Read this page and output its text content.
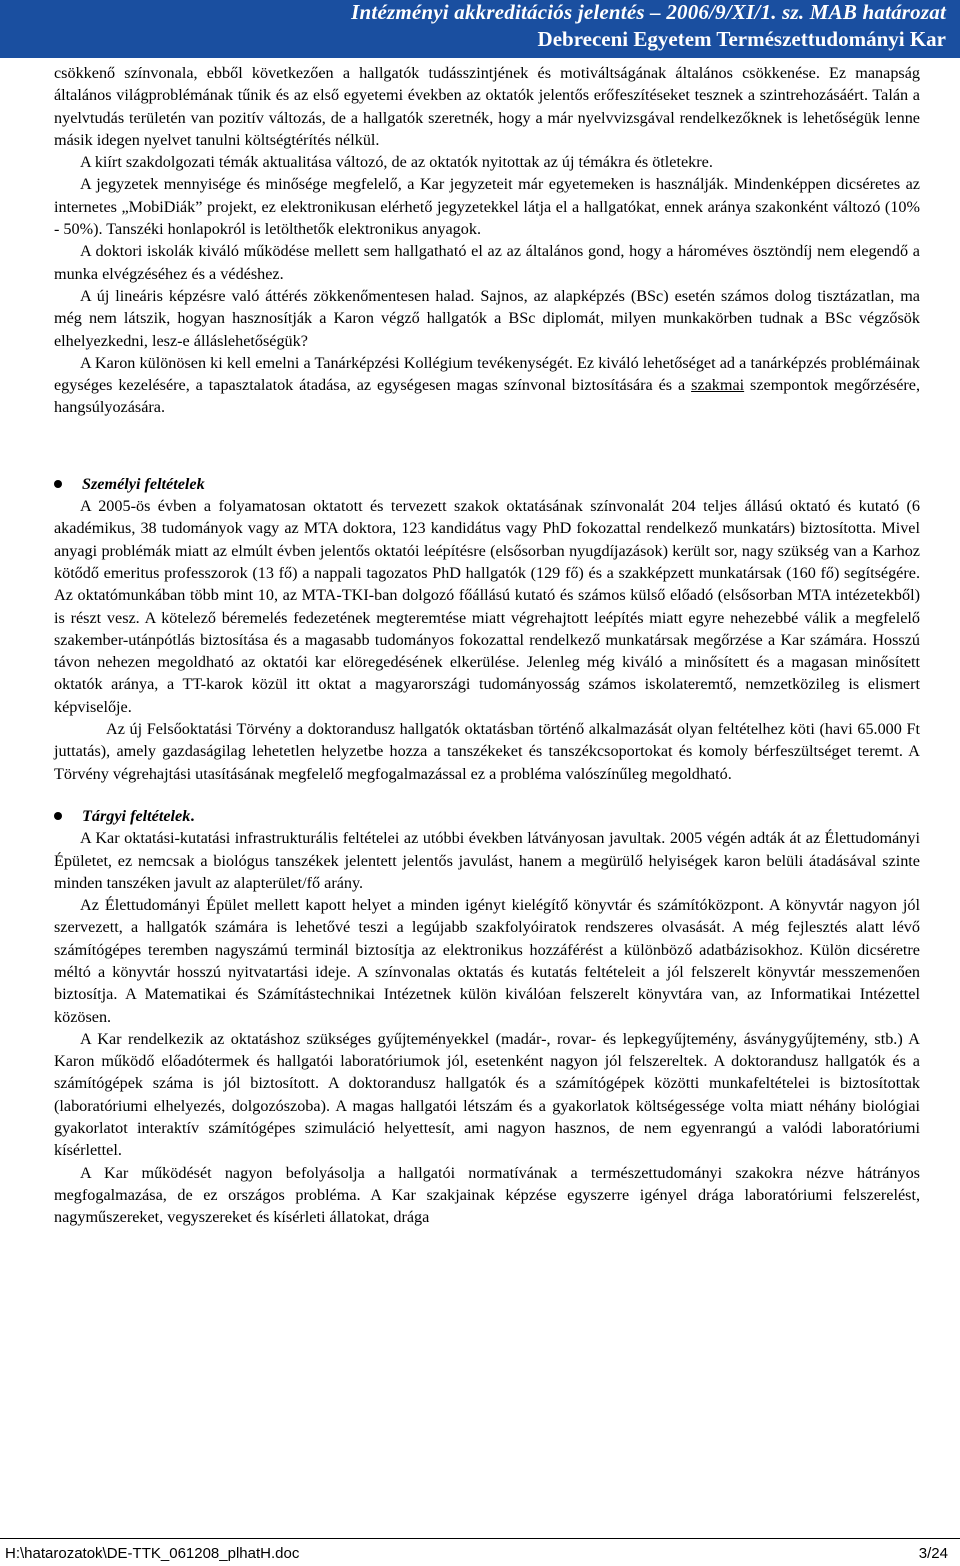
Intézményi akkreditációs jelentés – 2006/9/XI/1. sz. MAB határozat
Debreceni Egyetem Természettudományi Kar

csökkenő színvonala, ebből következően a hallgatók tudásszintjének és motiváltságának általános csökkenése. Ez manapság általános világproblémának tűnik és az első egyetemi években az oktatók jelentős erőfeszítéseket tesznek a szintrehozásáért. Talán a nyelvtudás területén van pozitív változás, de a hallgatók szeretnék, hogy a már nyelvvizsgával rendelkezőknek is lehetőségük lenne másik idegen nyelvet tanulni költségtérítés nélkül.

A kiírt szakdolgozati témák aktualitása változó, de az oktatók nyitottak az új témákra és ötletekre.

A jegyzetek mennyisége és minősége megfelelő, a Kar jegyzeteit már egyetemeken is használják. Mindenképpen dicséretes az internetes „MobiDiák” projekt, ez elektronikusan elérhető jegyzetekkel látja el a hallgatókat, ennek aránya szakonként változó (10% - 50%). Tanszéki honlapokról is letölthetők elektronikus anyagok.

A doktori iskolák kiváló működése mellett sem hallgatható el az az általános gond, hogy a hároméves ösztöndíj nem elegendő a munka elvégzéséhez és a védéshez.

A új lineáris képzésre való áttérés zökkenőmentesen halad. Sajnos, az alapképzés (BSc) esetén számos dolog tisztázatlan, ma még nem látszik, hogyan hasznosítják a Karon végző hallgatók a BSc diplomát, milyen munkakörben tudnak a BSc végzősök elhelyezkedni, lesz-e álláslehetőségük?

A Karon különösen ki kell emelni a Tanárképzési Kollégium tevékenységét. Ez kiváló lehetőséget ad a tanárképzés problémáinak egységes kezelésére, a tapasztalatok átadása, az egységesen magas színvonal biztosítására és a szakmai szempontok megőrzésére, hangsúlyozására.

Személyi feltételek

A 2005-ös évben a folyamatosan oktatott és tervezett szakok oktatásának színvonalát 204 teljes állású oktató és kutató (6 akadémikus, 38 tudományok vagy az MTA doktora, 123 kandidátus vagy PhD fokozattal rendelkező munkatárs) biztosította. Mivel anyagi problémák miatt az elmúlt évben jelentős oktatói leépítésre (elsősorban nyugdíjazások) került sor, nagy szükség van a Karhoz kötődő emeritus professzorok (13 fő) a nappali tagozatos PhD hallgatók (129 fő) és a szakképzett munkatársak (160 fő) segítségére. Az oktatómunkában több mint 10, az MTA-TKI-ban dolgozó főállású kutató és számos külső előadó (elsősorban MTA intézetekből) is részt vesz. A kötelező béremelés fedezetének megteremtése miatt végrehajtott leépítés miatt egyre nehezebbé válik a megfelelő szakember-utánpótlás biztosítása és a magasabb tudományos fokozattal rendelkező munkatársak megőrzése a Kar számára. Hosszú távon nehezen megoldható az oktatói kar elöregedésének elkerülése. Jelenleg még kiváló a minősített és a magasan minősített oktatók aránya, a TT-karok közül itt oktat a magyarországi tudományosság számos iskolateremtő, nemzetközileg is elismert képviselője.

Az új Felsőoktatási Törvény a doktorandusz hallgatók oktatásban történő alkalmazását olyan feltételhez köti (havi 65.000 Ft juttatás), amely gazdaságilag lehetetlen helyzetbe hozza a tanszékeket és tanszékcsoportokat és komoly bérfeszültséget teremt. A Törvény végrehajtási utasításának megfelelő megfogalmazással ez a probléma valószínűleg megoldható.

Tárgyi feltételek.

A Kar oktatási-kutatási infrastrukturális feltételei az utóbbi években látványosan javultak. 2005 végén adták át az Élettudományi Épületet, ez nemcsak a biológus tanszékek jelentett jelentős javulást, hanem a megürülő helyiségek karon belüli átadásával szinte minden tanszéken javult az alapterület/fő arány.

Az Élettudományi Épület mellett kapott helyet a minden igényt kielégítő könyvtár és számítóközpont. A könyvtár nagyon jól szervezett, a hallgatók számára is lehetővé teszi a legújabb szakfolyóiratok rendszeres olvasását. A még fejlesztés alatt lévő számítógépes teremben nagyszámú terminál biztosítja az elektronikus hozzáférést a különböző adatbázisokhoz. Külön dicséretre méltó a könyvtár hosszú nyitvatartási ideje. A színvonalas oktatás és kutatás feltételeit a jól felszerelt könyvtár messzemenően biztosítja. A Matematikai és Számítástechnikai Intézetnek külön kiválóan felszerelt könyvtára van, az Informatikai Intézettel közösen.

A Kar rendelkezik az oktatáshoz szükséges gyűjteményekkel (madár-, rovar- és lepkegyűjtemény, ásványgyűjtemény, stb.) A Karon működő előadótermek és hallgatói laboratóriumok jól, esetenként nagyon jól felszereltek. A doktorandusz hallgatók és a számítógépek száma is jól biztosított. A doktorandusz hallgatók és a számítógépek közötti munkafeltételei is biztosítottak (laboratóriumi elhelyezés, dolgozószoba). A magas hallgatói létszám és a gyakorlatok költségessége volta miatt néhány biológiai gyakorlatot interaktív számítógépes szimuláció helyettesít, ami nagyon hasznos, de nem egyenrangú a valódi laboratóriumi kísérlettel.

A Kar működését nagyon befolyásolja a hallgatói normatívának a természettudományi szakokra nézve hátrányos megfogalmazása, de ez országos probléma. A Kar szakjainak képzése egyszerre igényel drága laboratóriumi felszerelést, nagyműszereket, vegyszereket és kísérleti állatokat, drága

H:\hatarozatok\DE-TTK_061208_plhatH.doc	3/24
